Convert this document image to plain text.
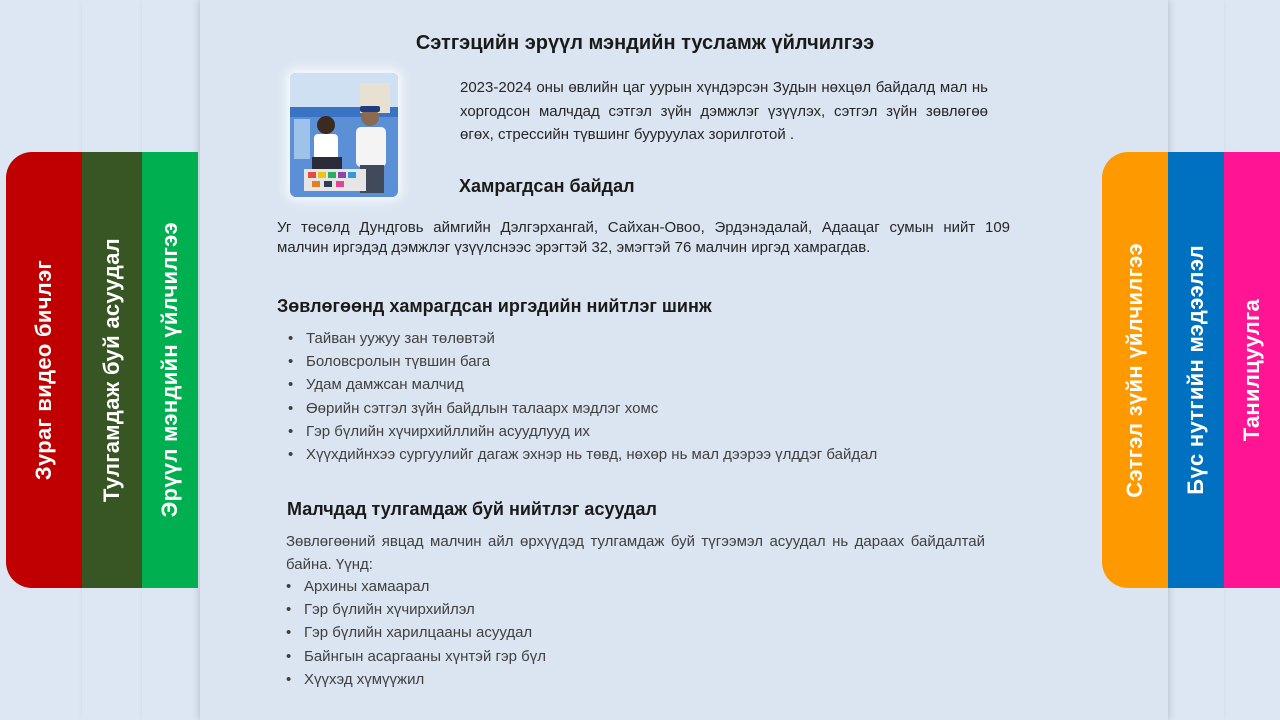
Зураг видео бичлэг Тулгамдаж буй асуудал Эрүүл мэндийн үйлчилгээ	Сэтгэл зүйн үйлчилгээ Бүс нутгийн мэдээлэл Танилцуулга
Сэтгэцийн эрүүл мэндийн тусламж үйлчилгээ
2023-2024 оны өвлийн цаг уурын хүндэрсэн Зудын нөхцөл байдалд мал нь хоргодсон малчдад сэтгэл зүйн дэмжлэг үзүүлэх, сэтгэл зүйн зөвлөгөө өгөх, стрессийн түвшинг бууруулах зорилготой .
Хамрагдсан байдал
Уг төсөлд Дундговь аймгийн Дэлгэрхангай, Сайхан-Овоо, Эрдэнэдалай, Адаацаг сумын нийт 109 малчин иргэдэд дэмжлэг үзүүлснээс эрэгтэй 32, эмэгтэй 76 малчин иргэд хамрагдав.
Зөвлөгөөнд хамрагдсан иргэдийн нийтлэг шинж
• Тайван уужуу зан төлөвтэй
• Боловсролын түвшин бага
• Удам дамжсан малчид
• Өөрийн сэтгэл зүйн байдлын талаарх мэдлэг хомс
• Гэр бүлийн хүчирхийллийн асуудлууд их
• Хүүхдийнхээ сургуулийг дагаж эхнэр нь төвд, нөхөр нь мал дээрээ үлддэг байдал
Малчдад тулгамдаж буй нийтлэг асуудал
Зөвлөгөөний явцад малчин айл өрхүүдэд тулгамдаж буй түгээмэл асуудал нь дараах байдалтай байна. Үүнд:
• Архины хамаарал
• Гэр бүлийн хүчирхийлэл
• Гэр бүлийн харилцааны асуудал
• Байнгын асаргааны хүнтэй гэр бүл
• Хүүхэд хүмүүжил
